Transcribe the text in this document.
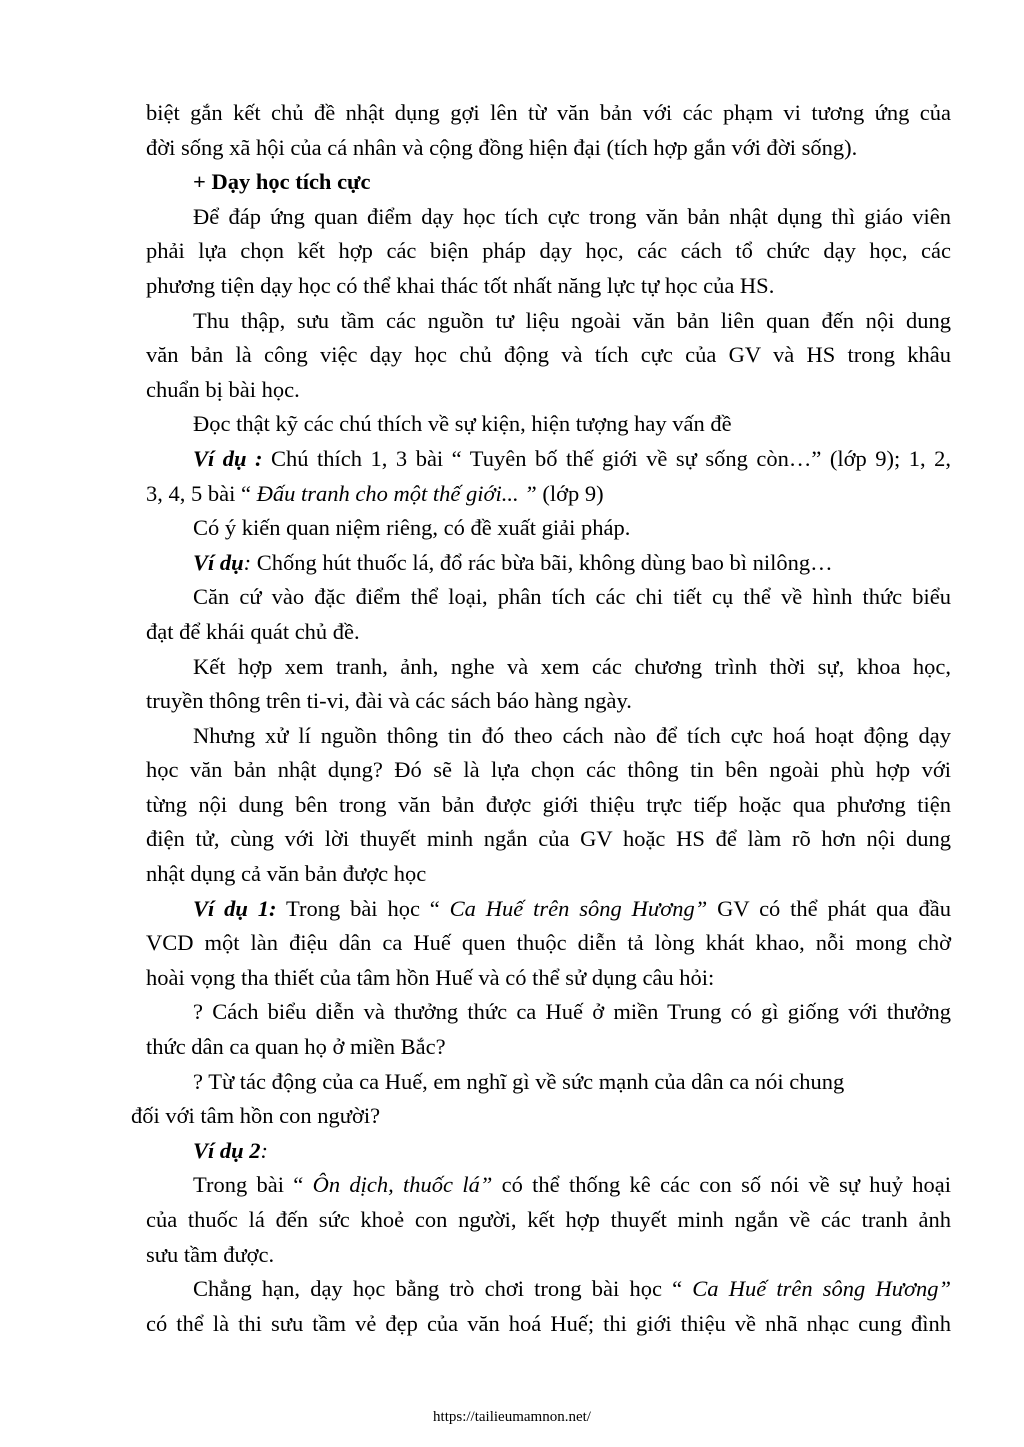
biệt gắn kết chủ đề nhật dụng gợi lên từ văn bản với các phạm vi tương ứng của
đời sống xã hội của cá nhân và cộng đồng hiện đại (tích hợp gắn với đời sống).
+ Dạy học tích cực
Để đáp ứng quan điểm dạy học tích cực trong văn bản nhật dụng thì giáo viên
phải lựa chọn kết hợp các biện pháp dạy học, các cách tổ chức dạy học, các
phương tiện dạy học có thể khai thác tốt nhất năng lực tự học của HS.
Thu thập, sưu tầm các nguồn tư liệu ngoài văn bản liên quan đến nội dung
văn bản là công việc dạy học chủ động và tích cực của GV và HS trong khâu
chuẩn bị bài học.
Đọc thật kỹ các chú thích về sự kiện, hiện tượng hay vấn đề
Ví dụ : Chú thích 1, 3 bài “ Tuyên bố thế giới về sự sống còn…” (lớp 9); 1, 2,
3, 4, 5 bài “ Đấu tranh cho một thế giới... ” (lớp 9)
Có ý kiến quan niệm riêng, có đề xuất giải pháp.
Ví dụ: Chống hút thuốc lá, đổ rác bừa bãi, không dùng bao bì nilông…
Căn cứ vào đặc điểm thể loại, phân tích các chi tiết cụ thể về hình thức biểu
đạt để khái quát chủ đề.
Kết hợp xem tranh, ảnh, nghe và xem các chương trình thời sự, khoa học,
truyền thông trên ti-vi, đài và các sách báo hàng ngày.
Nhưng xử lí nguồn thông tin đó theo cách nào để tích cực hoá hoạt động dạy
học văn bản nhật dụng? Đó sẽ là lựa chọn các thông tin bên ngoài phù hợp với
từng nội dung bên trong văn bản được giới thiệu trực tiếp hoặc qua phương tiện
điện tử, cùng với lời thuyết minh ngắn của GV hoặc HS để làm rõ hơn nội dung
nhật dụng cả văn bản được học
Ví dụ 1: Trong bài học “ Ca Huế trên sông Hương” GV có thể phát qua đầu
VCD một làn điệu dân ca Huế quen thuộc diễn tả lòng khát khao, nỗi mong chờ
hoài vọng tha thiết của tâm hồn Huế và có thể sử dụng câu hỏi:
? Cách biểu diễn và thưởng thức ca Huế ở miền Trung có gì giống với thưởng
thức dân ca quan họ ở miền Bắc?
? Từ tác động của ca Huế, em nghĩ gì về sức mạnh của dân ca nói chung
đối với tâm hồn con người?
Ví dụ 2:
Trong bài “ Ôn dịch, thuốc lá” có thể thống kê các con số nói về sự huỷ hoại
của thuốc lá đến sức khoẻ con người, kết hợp thuyết minh ngắn về các tranh ảnh
sưu tầm được.
Chẳng hạn, dạy học bằng trò chơi trong bài học “ Ca Huế trên sông Hương”
có thể là thi sưu tầm vẻ đẹp của văn hoá Huế; thi giới thiệu về nhã nhạc cung đình
https://tailieumamnon.net/
